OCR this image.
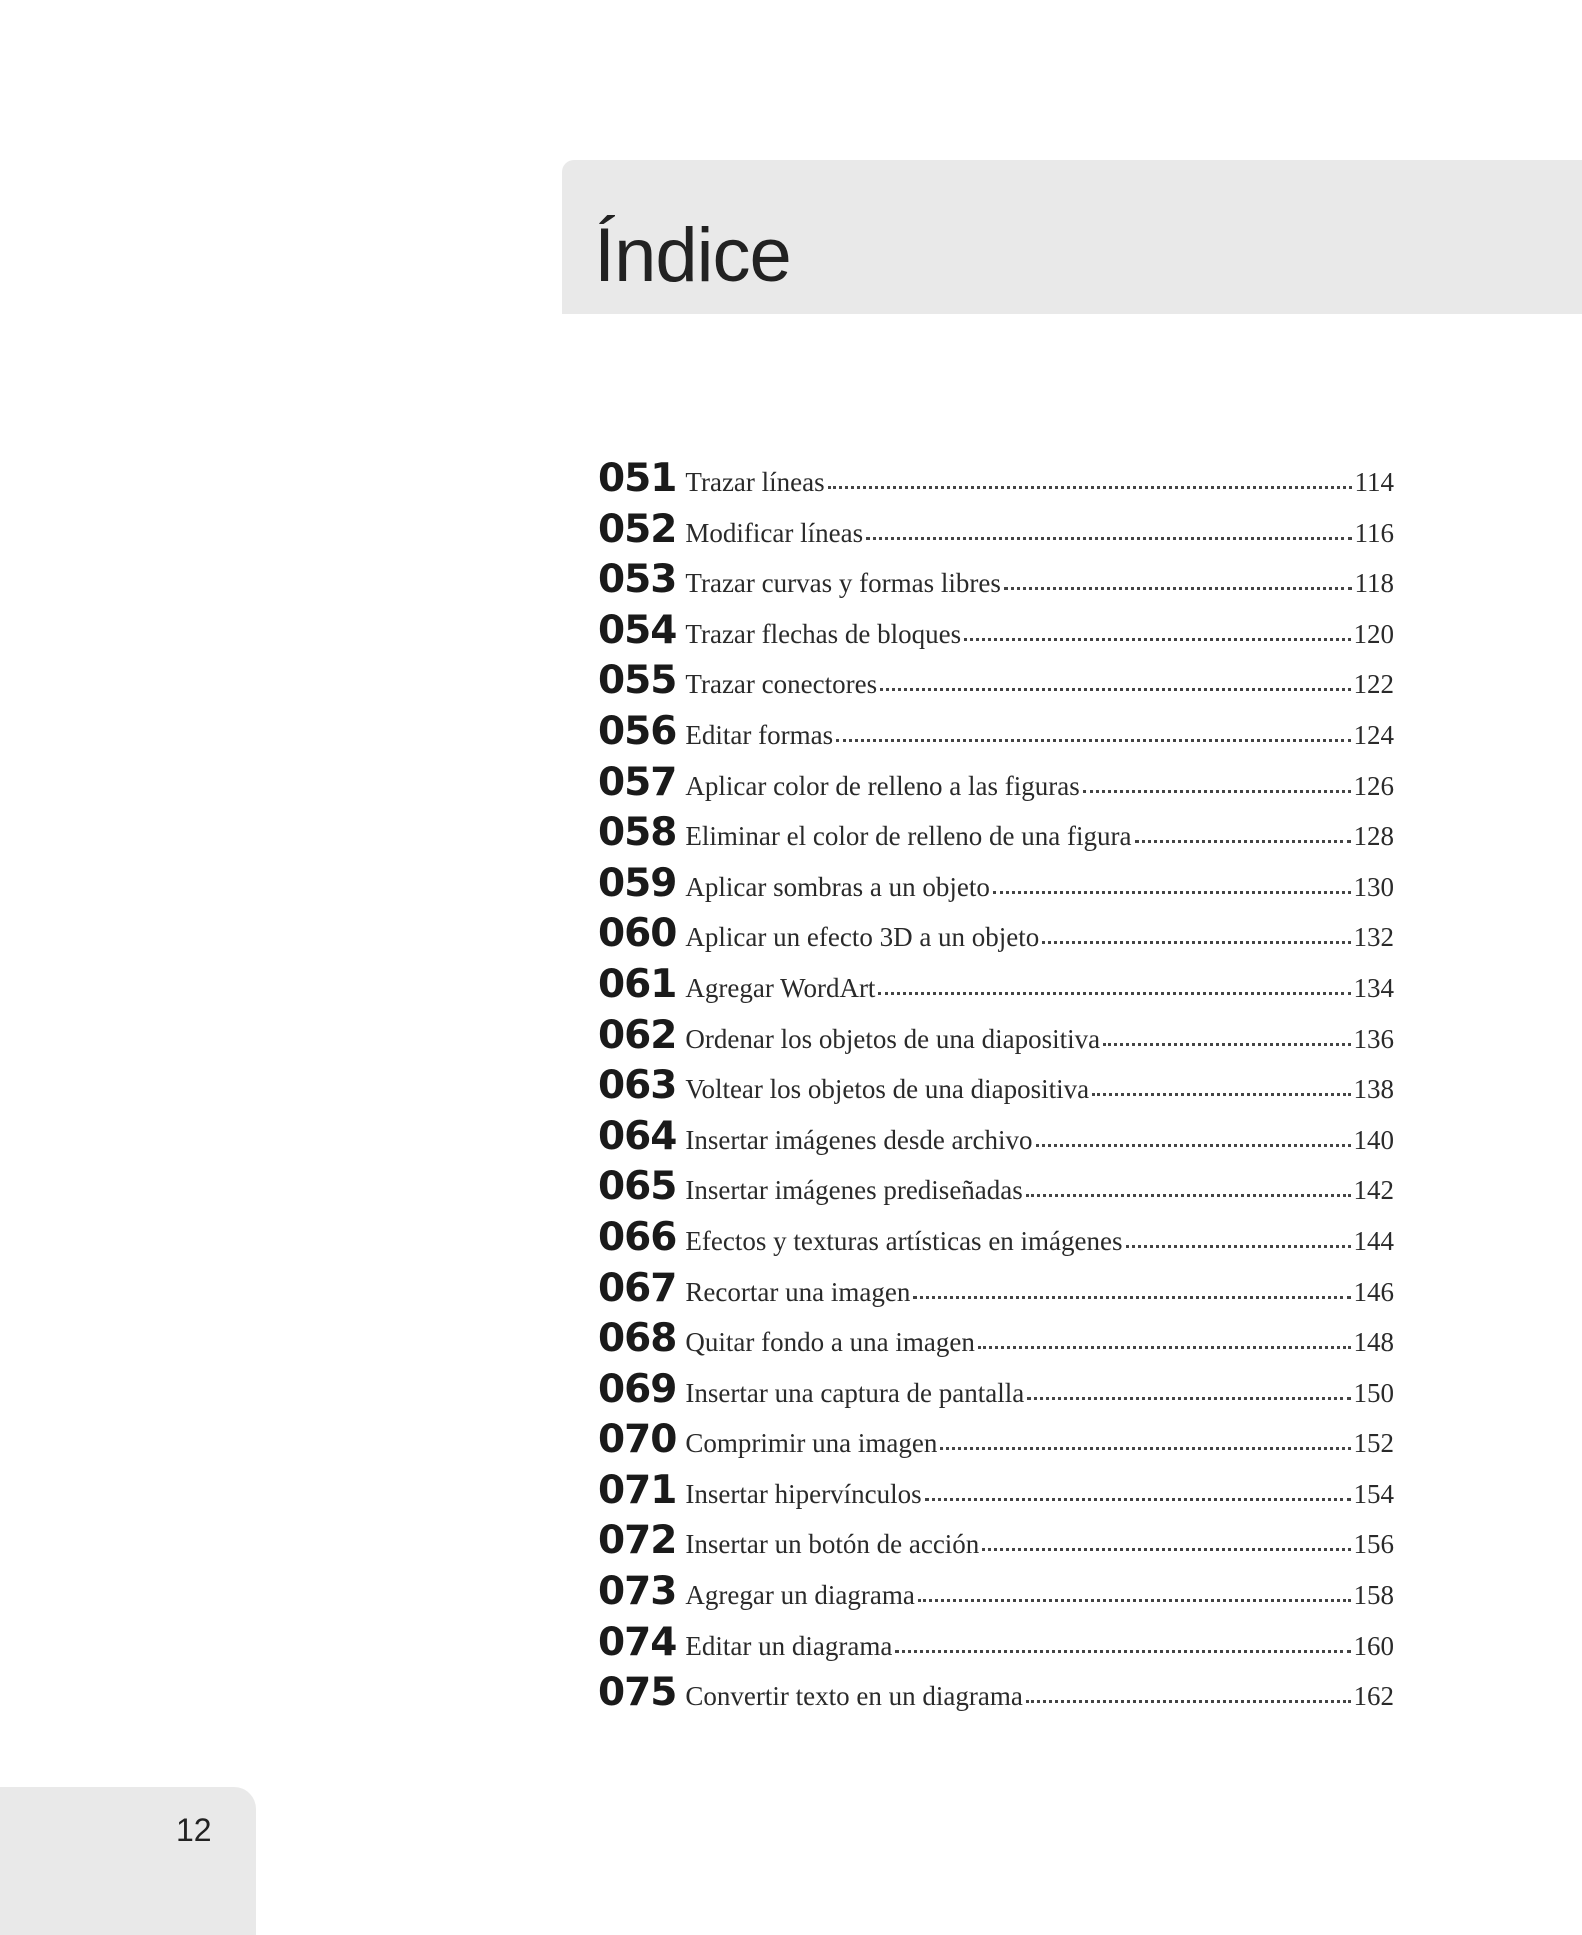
Índice
051 Trazar líneas	114
052 Modificar líneas	116
053 Trazar curvas y formas libres	118
054 Trazar flechas de bloques	120
055 Trazar conectores	122
056 Editar formas	124
057 Aplicar color de relleno a las figuras	126
058 Eliminar el color de relleno de una figura	128
059 Aplicar sombras a un objeto	130
060 Aplicar un efecto 3D a un objeto	132
061 Agregar WordArt	134
062 Ordenar los objetos de una diapositiva	136
063 Voltear los objetos de una diapositiva	138
064 Insertar imágenes desde archivo	140
065 Insertar imágenes prediseñadas	142
066 Efectos y texturas artísticas en imágenes	144
067 Recortar una imagen	146
068 Quitar fondo a una imagen	148
069 Insertar una captura de pantalla	150
070 Comprimir una imagen	152
071 Insertar hipervínculos	154
072 Insertar un botón de acción	156
073 Agregar un diagrama	158
074 Editar un diagrama	160
075 Convertir texto en un diagrama	162
12
